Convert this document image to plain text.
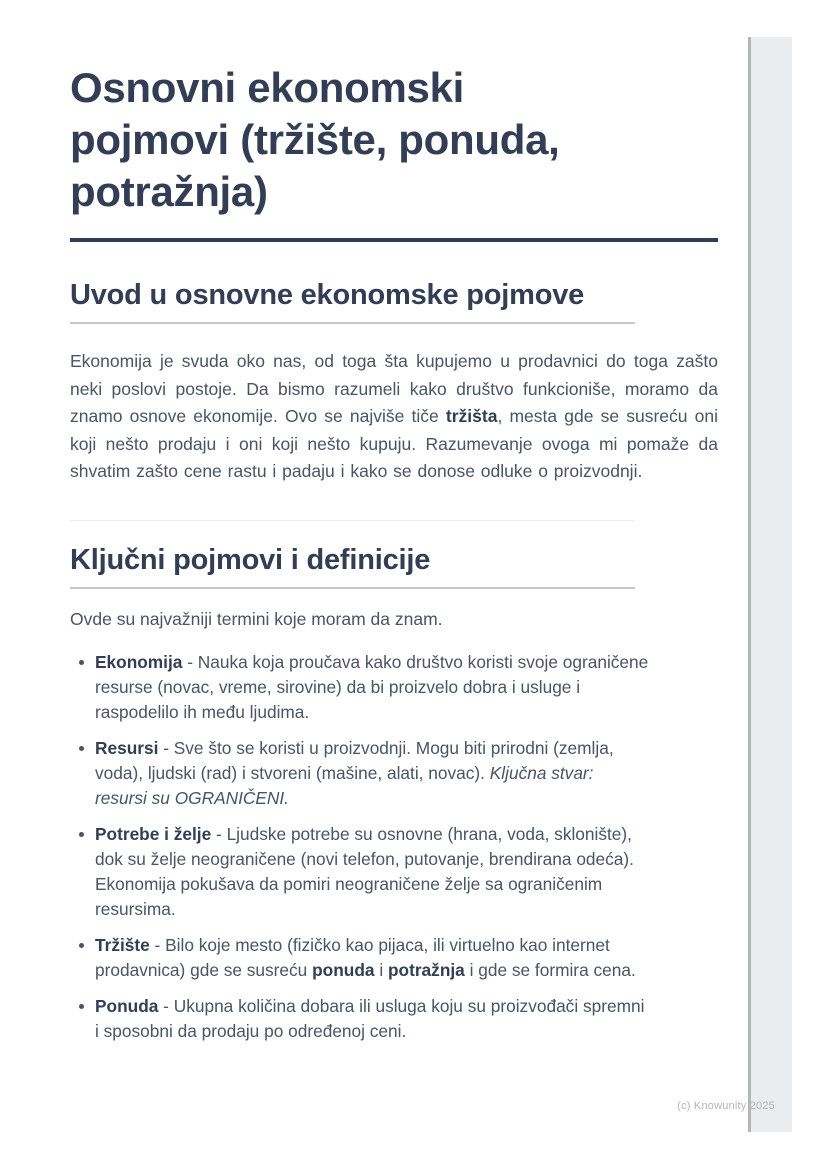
Osnovni ekonomski
pojmovi (tržište, ponuda,
potražnja)
Uvod u osnovne ekonomske pojmove

Ekonomija je svuda oko nas, od toga šta kupujemo u prodavnici do toga zašto neki poslovi postoje. Da bismo razumeli kako društvo funkcioniše, moramo da znamo osnove ekonomije. Ovo se najviše tiče tržišta, mesta gde se susreću oni koji nešto prodaju i oni koji nešto kupuju. Razumevanje ovoga mi pomaže da shvatim zašto cene rastu i padaju i kako se donose odluke o proizvodnji.

Ključni pojmovi i definicije

Ovde su najvažniji termini koje moram da znam.

Ekonomija - Nauka koja proučava kako društvo koristi svoje ograničene resurse (novac, vreme, sirovine) da bi proizvelo dobra i usluge i raspodelilo ih među ljudima.
Resursi - Sve što se koristi u proizvodnji. Mogu biti prirodni (zemlja, voda), ljudski (rad) i stvoreni (mašine, alati, novac). Ključna stvar: resursi su OGRANIČENI.
Potrebe i želje - Ljudske potrebe su osnovne (hrana, voda, sklonište), dok su želje neograničene (novi telefon, putovanje, brendirana odeća). Ekonomija pokušava da pomiri neograničene želje sa ograničenim resursima.
Tržište - Bilo koje mesto (fizičko kao pijaca, ili virtuelno kao internet prodavnica) gde se susreću ponuda i potražnja i gde se formira cena.
Ponuda - Ukupna količina dobara ili usluga koju su proizvođači spremni i sposobni da prodaju po određenoj ceni.
(c) Knowunity 2025
